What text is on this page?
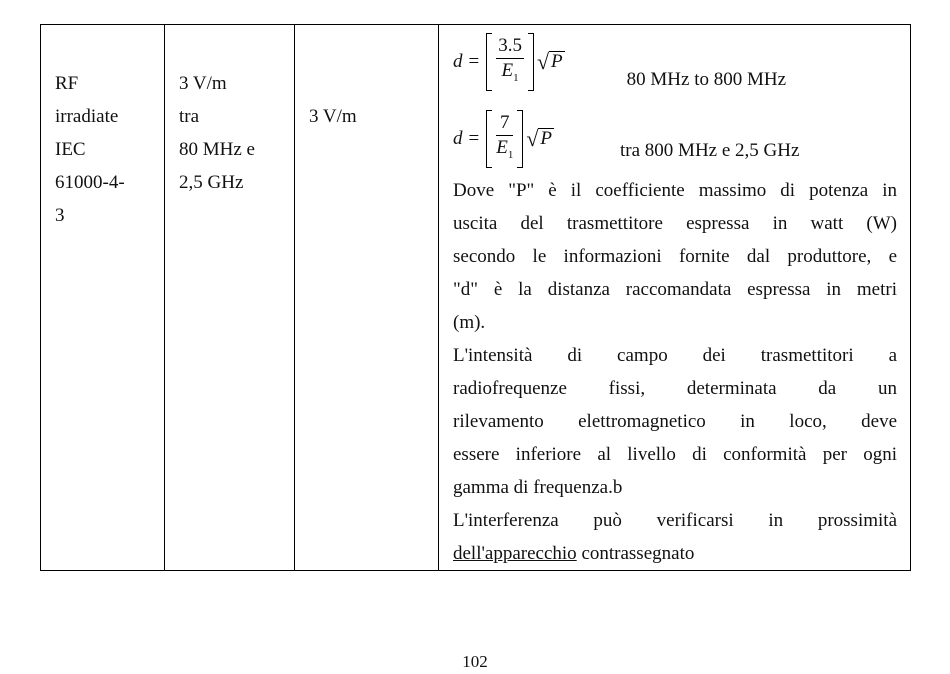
RF
irradiate
IEC
61000-4-
3

3 V/m
tra
80 MHz e
2,5 GHz

3 V/m

$d = \frac{3.5}{E_1}$ √ P
80 MHz to 800 MHz
$d = \frac{7}{E_1}$ √ P
tra 800 MHz e 2,5 GHz
Dove "P" è il coefficiente massimo di potenza in
uscita del trasmettitore espressa in watt (W)
secondo le informazioni fornite dal produttore, e
"d" è la distanza raccomandata espressa in metri
(m).
L'intensità di campo dei trasmettitori a
radiofrequenze fissi, determinata da un
rilevamento elettromagnetico in loco, deve
essere inferiore al livello di conformità per ogni
gamma di frequenza.b
L'interferenza può verificarsi in prossimità
dell'apparecchio contrassegnato
102
